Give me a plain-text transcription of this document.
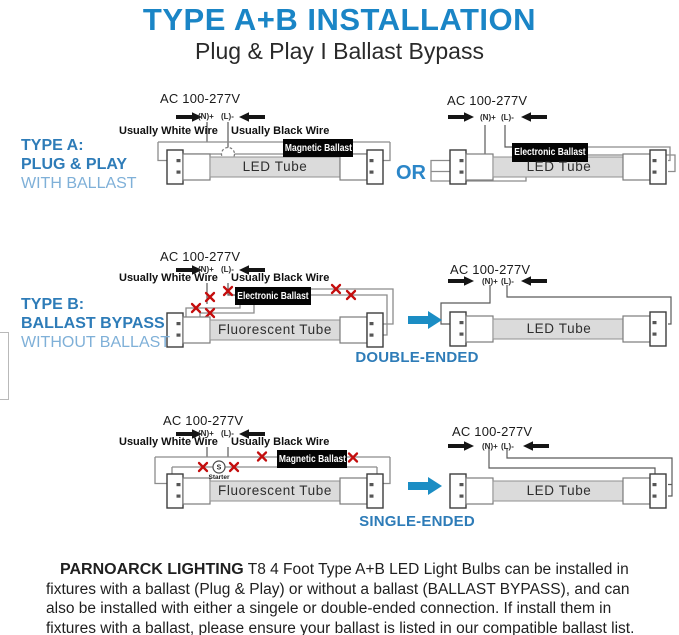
TYPE A+B INSTALLATION
Plug & Play I Ballast Bypass
S
TYPE A:
PLUG & PLAY
WITH BALLAST
AC 100-277V
(N)+ (L)-
Usually White Wire Usually Black Wire
Magnetic Ballast
LED Tube	OR
AC 100-277V
(N)+ (L)-
Electronic Ballast
LED Tube
TYPE B:
BALLAST BYPASS
WITHOUT BALLAST
AC 100-277V
(N)+ (L)-
Usually White Wire Usually Black Wire
Electronic Ballast
Fluorescent Tube
AC 100-277V
(N)+ (L)-
LED Tube
DOUBLE-ENDED
AC 100-277V
(N)+ (L)-
Usually White Wire Usually Black Wire
Magnetic Ballast
Starter
Fluorescent Tube
AC 100-277V
(N)+ (L)-
LED Tube
SINGLE-ENDED
PARNOARCK LIGHTING T8 4 Foot Type A+B LED Light Bulbs can be installed in fixtures with a ballast (Plug & Play) or without a ballast (BALLAST BYPASS), and can also be installed with either a singele or double-ended connection. If install them in fixtures with a ballast, please ensure your ballast is listed in our compatible ballast list.
